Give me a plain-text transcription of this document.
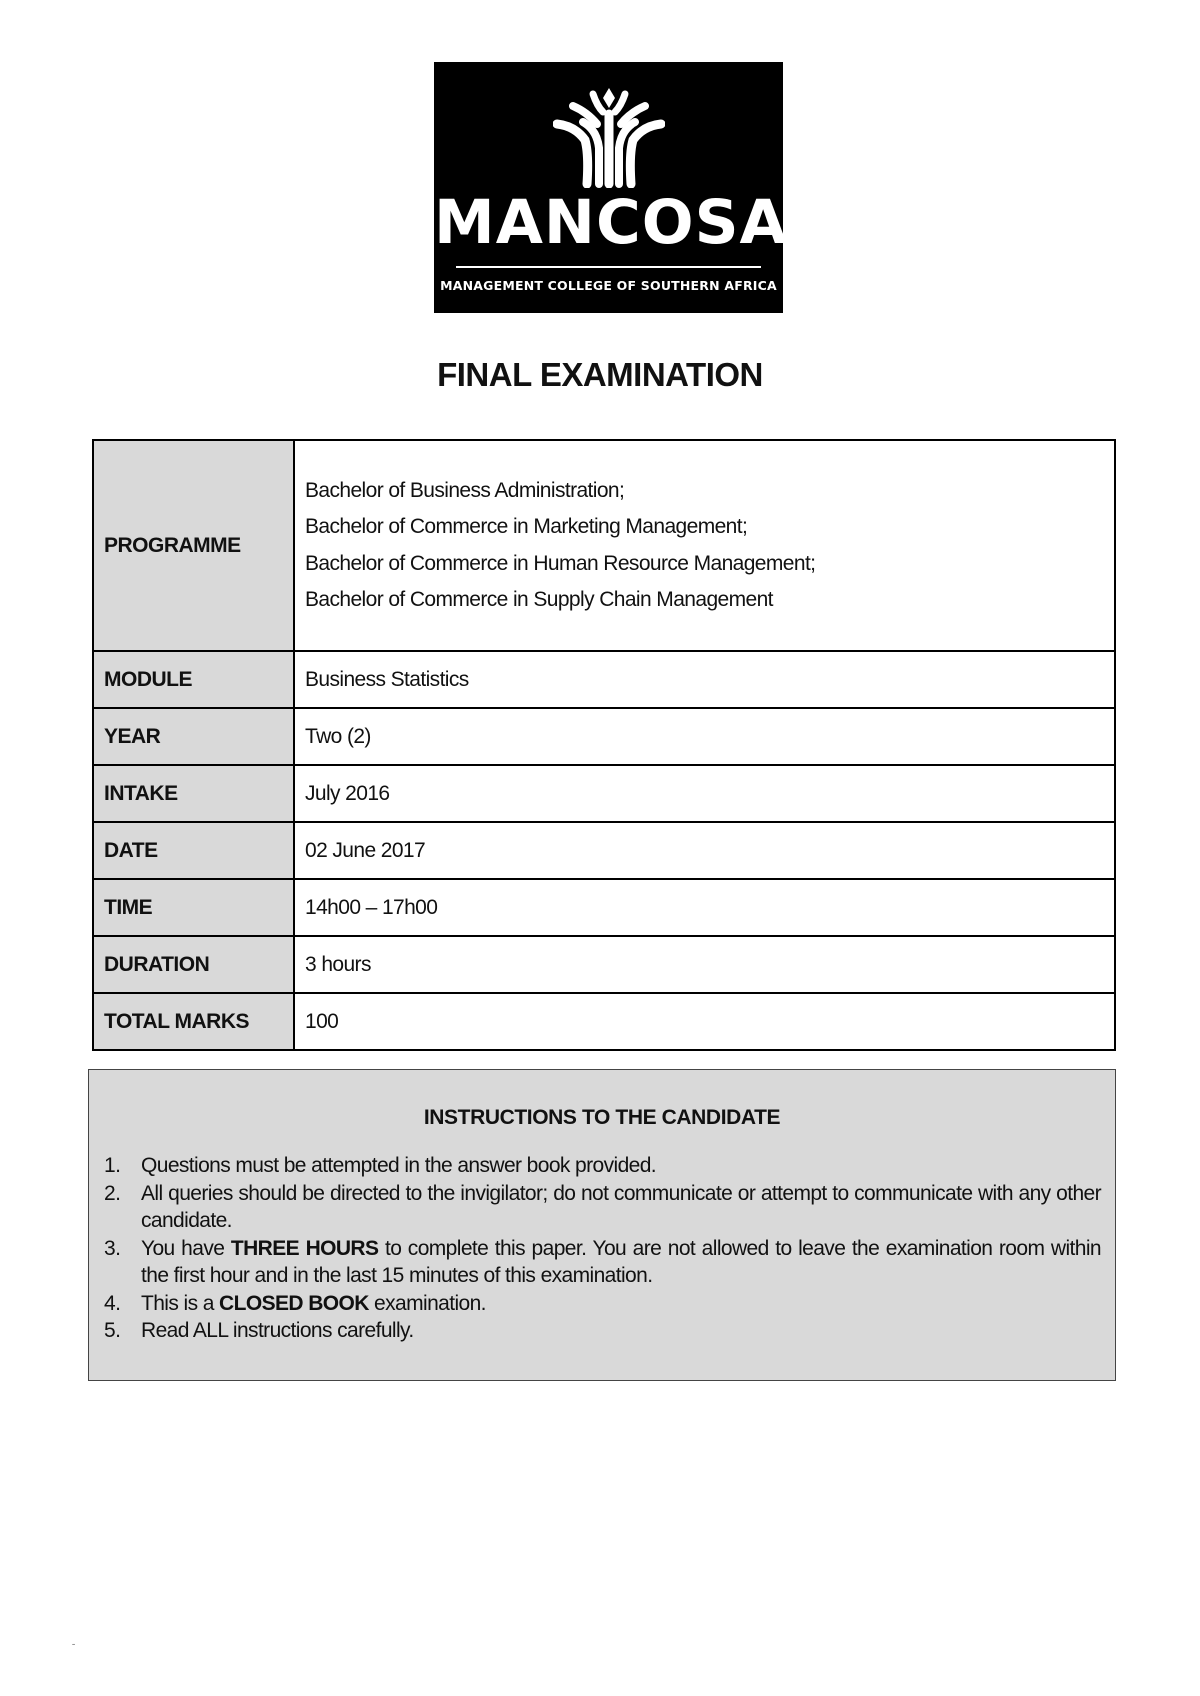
MANCOSA
MANAGEMENT COLLEGE OF SOUTHERN AFRICA
FINAL EXAMINATION
PROGRAMME	Bachelor of Business Administration;
Bachelor of Commerce in Marketing Management;
Bachelor of Commerce in Human Resource Management;
Bachelor of Commerce in Supply Chain Management

MODULE	Business Statistics
YEAR	Two (2)
INTAKE	July 2016
DATE	02 June 2017
TIME	14h00 – 17h00
DURATION	3 hours
TOTAL MARKS	100
INSTRUCTIONS TO THE CANDIDATE
1. Questions must be attempted in the answer book provided.
2. All queries should be directed to the invigilator; do not communicate or attempt to communicate with any other candidate.
3. You have THREE HOURS to complete this paper. You are not allowed to leave the examination room within the first hour and in the last 15 minutes of this examination.
4. This is a CLOSED BOOK examination.
5. Read ALL instructions carefully.
ˉ
